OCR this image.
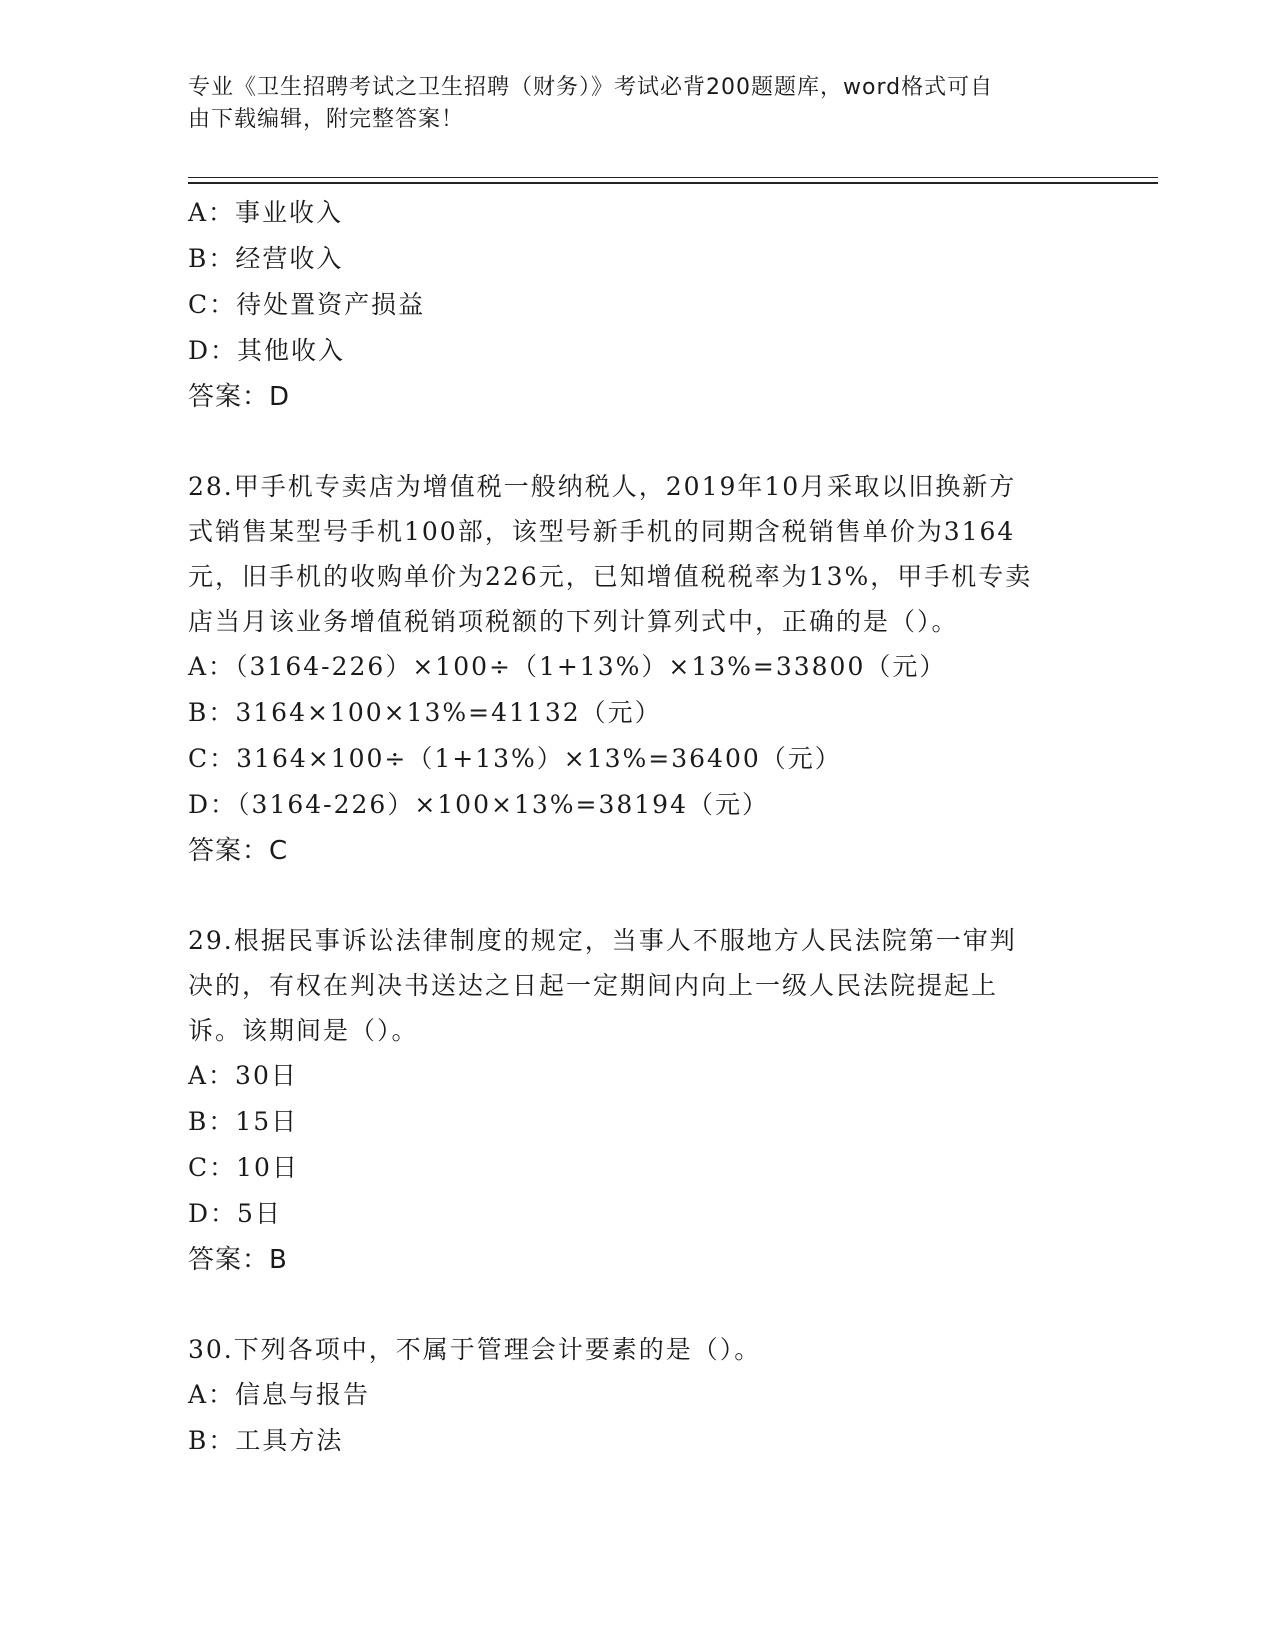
专业《卫生招聘考试之卫生招聘（财务）》考试必背200题题库，word格式可自
由下载编辑，附完整答案！
A：事业收入
B：经营收入
C：待处置资产损益
D：其他收入
答案：D
28.甲手机专卖店为增值税一般纳税人，2019年10月采取以旧换新方
式销售某型号手机100部，该型号新手机的同期含税销售单价为3164
元，旧手机的收购单价为226元，已知增值税税率为13%，甲手机专卖
店当月该业务增值税销项税额的下列计算列式中，正确的是（）。
A：（3164-226）×100÷（1+13%）×13%=33800（元）
B：3164×100×13%=41132（元）
C：3164×100÷（1+13%）×13%=36400（元）
D：（3164-226）×100×13%=38194（元）
答案：C
29.根据民事诉讼法律制度的规定，当事人不服地方人民法院第一审判
决的，有权在判决书送达之日起一定期间内向上一级人民法院提起上
诉。该期间是（）。
A：30日
B：15日
C：10日
D：5日
答案：B
30.下列各项中，不属于管理会计要素的是（）。
A：信息与报告
B：工具方法
